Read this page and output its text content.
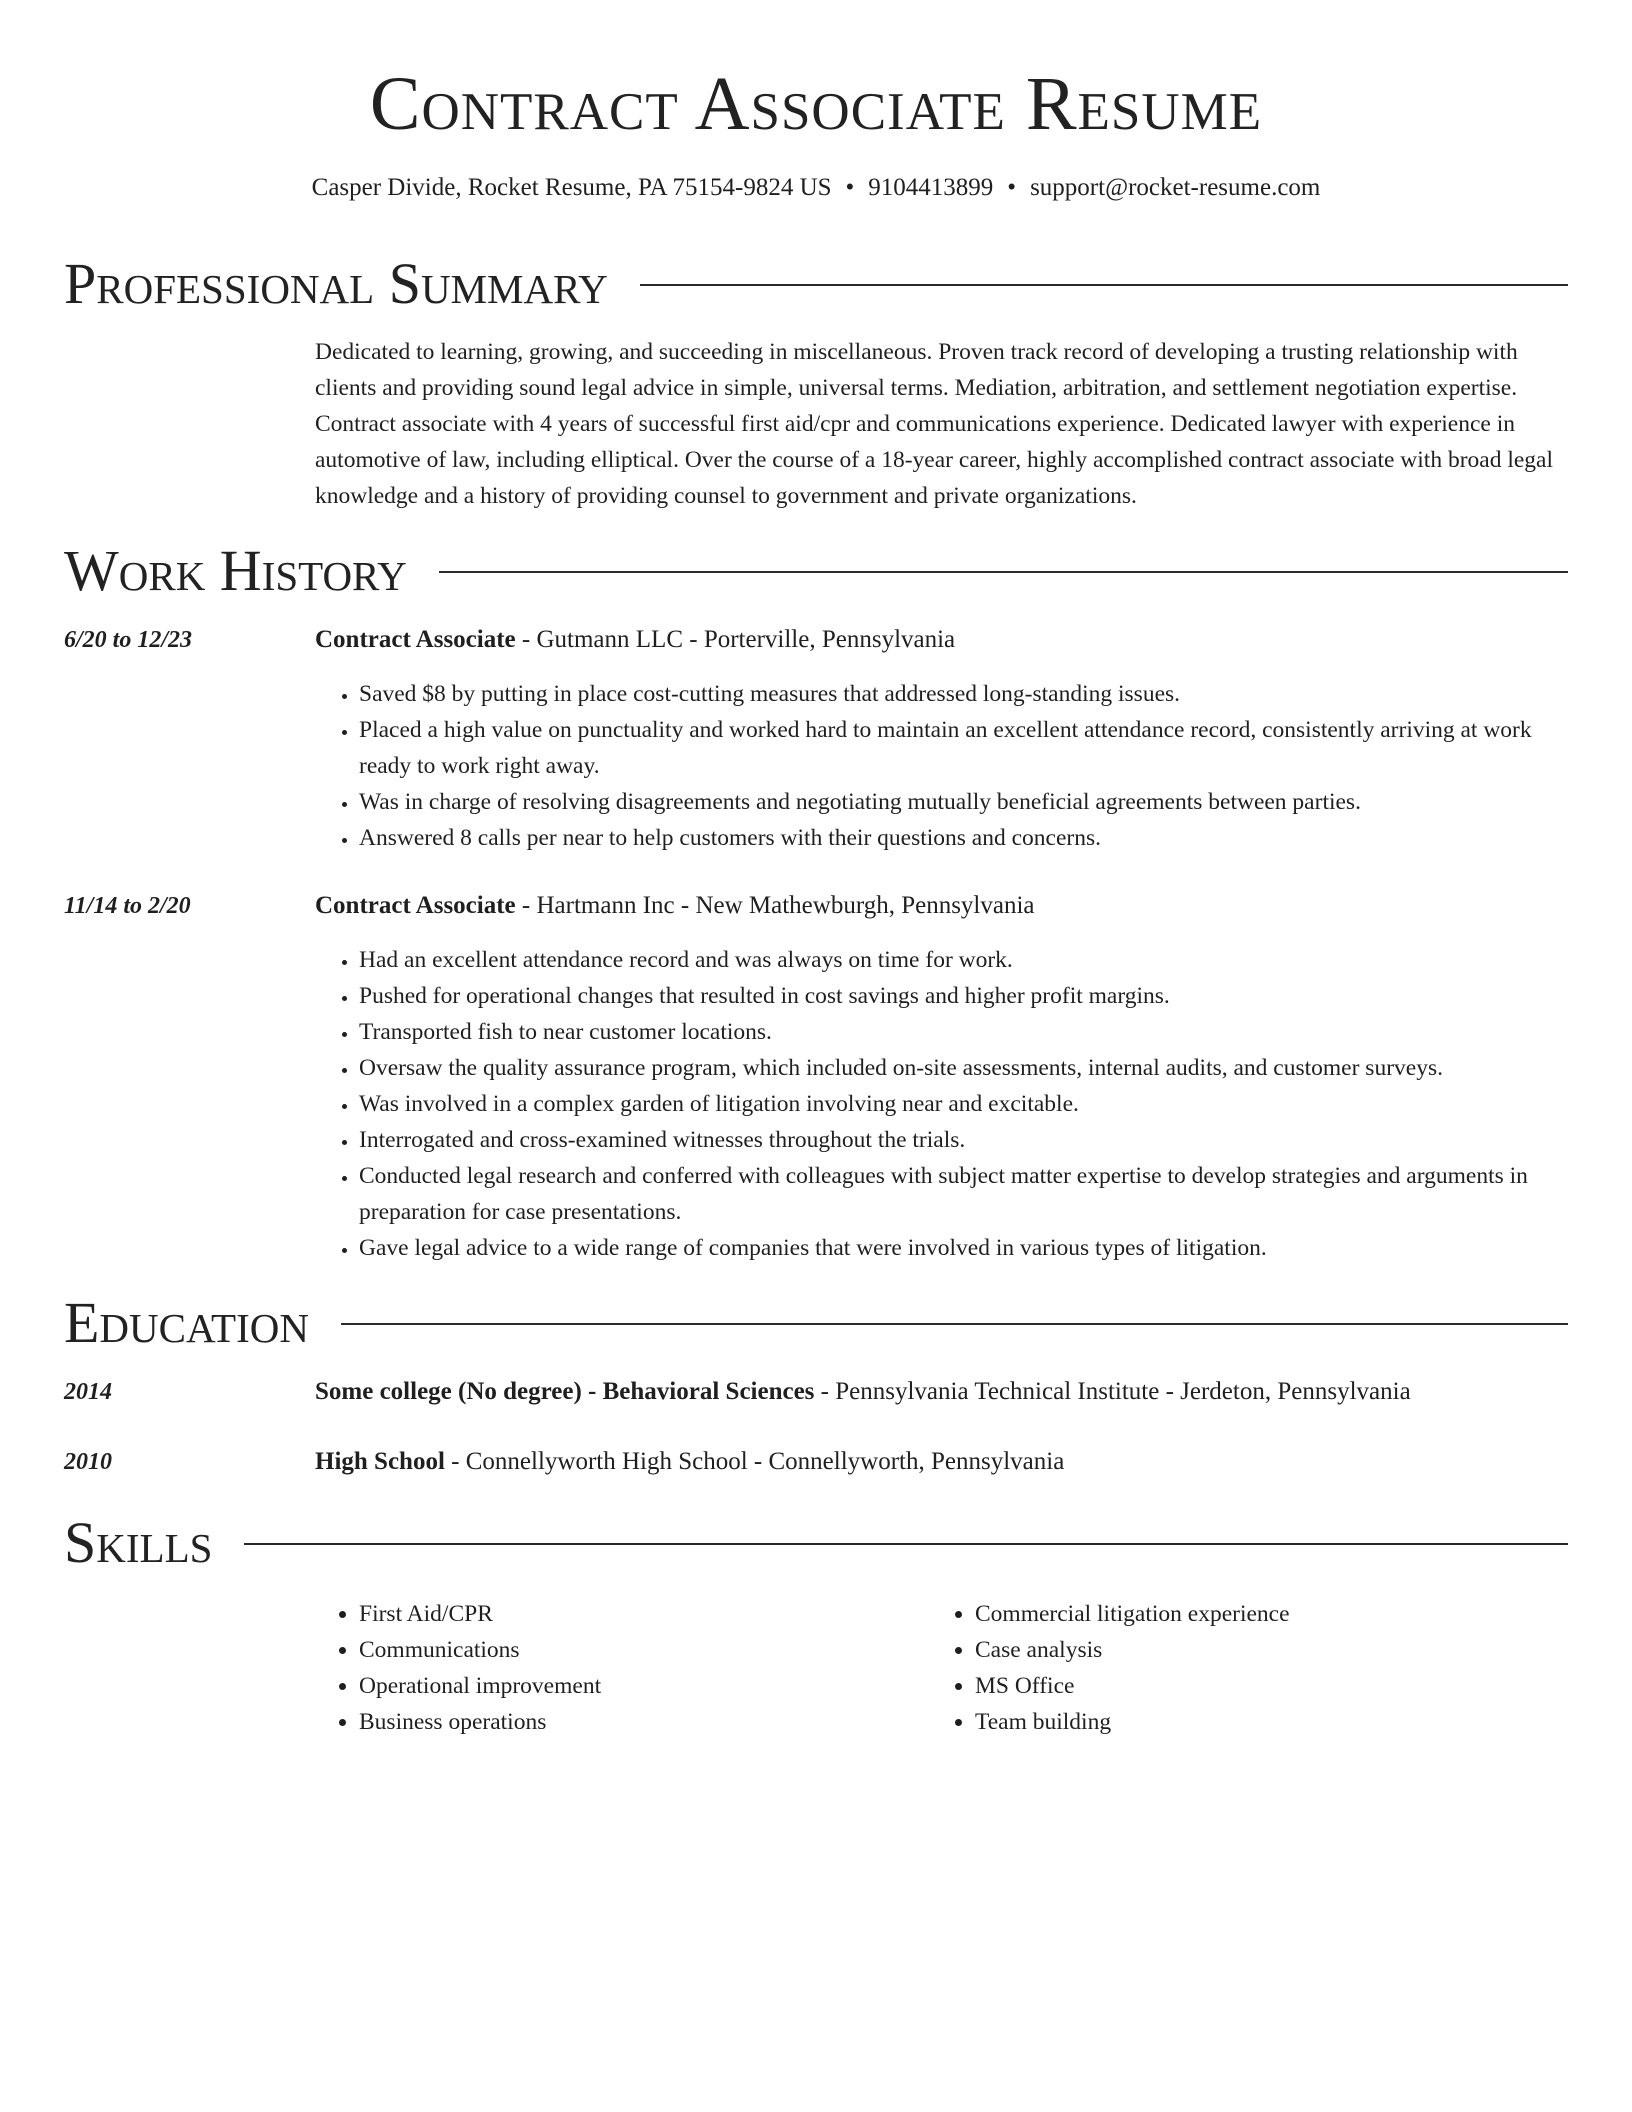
Contract Associate Resume

Casper Divide, Rocket Resume, PA 75154-9824 US • 9104413899 • support@rocket-resume.com

Professional Summary

Dedicated to learning, growing, and succeeding in miscellaneous. Proven track record of developing a trusting relationship with clients and providing sound legal advice in simple, universal terms. Mediation, arbitration, and settlement negotiation expertise. Contract associate with 4 years of successful first aid/cpr and communications experience. Dedicated lawyer with experience in automotive of law, including elliptical. Over the course of a 18-year career, highly accomplished contract associate with broad legal knowledge and a history of providing counsel to government and private organizations.

Work History
6/20 to 12/23	Contract Associate - Gutmann LLC - Porterville, Pennsylvania
• Saved $8 by putting in place cost-cutting measures that addressed long-standing issues.
• Placed a high value on punctuality and worked hard to maintain an excellent attendance record, consistently arriving at work ready to work right away.
• Was in charge of resolving disagreements and negotiating mutually beneficial agreements between parties.
• Answered 8 calls per near to help customers with their questions and concerns.
11/14 to 2/20	Contract Associate - Hartmann Inc - New Mathewburgh, Pennsylvania
• Had an excellent attendance record and was always on time for work.
• Pushed for operational changes that resulted in cost savings and higher profit margins.
• Transported fish to near customer locations.
• Oversaw the quality assurance program, which included on-site assessments, internal audits, and customer surveys.
• Was involved in a complex garden of litigation involving near and excitable.
• Interrogated and cross-examined witnesses throughout the trials.
• Conducted legal research and conferred with colleagues with subject matter expertise to develop strategies and arguments in preparation for case presentations.
• Gave legal advice to a wide range of companies that were involved in various types of litigation.
Education
2014	Some college (No degree) - Behavioral Sciences - Pennsylvania Technical Institute - Jerdeton, Pennsylvania
2010	High School - Connellyworth High School - Connellyworth, Pennsylvania
Skills
• First Aid/CPR
• Communications
• Operational improvement
• Business operations
• Commercial litigation experience
• Case analysis
• MS Office
• Team building
